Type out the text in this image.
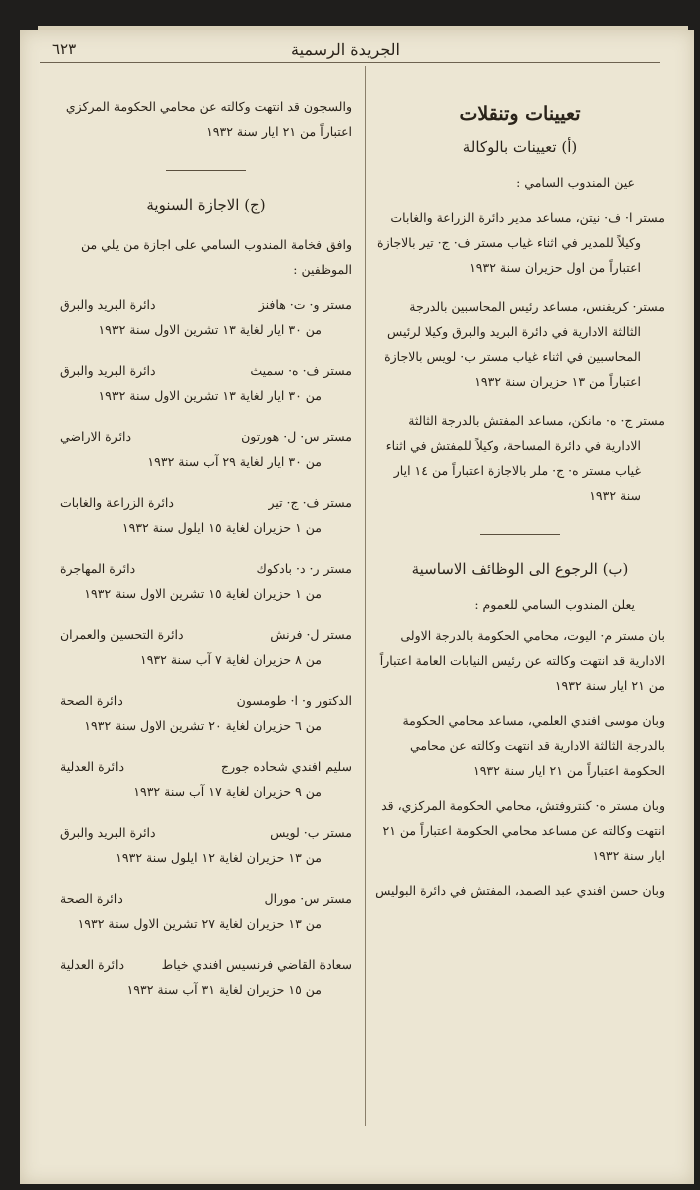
الجريدة الرسمية
٦٢٣
تعيينات وتنقلات
(أ) تعيينات بالوكالة
عين المندوب السامي :
مستر ا· ف· نيتن، مساعد مدير دائرة الزراعة والغابات
وكيلاً للمدير في اثناء غياب مستر ف· ج· تير بالاجازة اعتباراً من اول حزيران سنة ١٩٣٢
مستر· كريفنس، مساعد رئيس المحاسبين بالدرجة
الثالثة الادارية في دائرة البريد والبرق وكيلا لرئيس المحاسبين في اثناء غياب مستر ب· لويس بالاجازة اعتباراً من ١٣ حزيران سنة ١٩٣٢
مستر ج· ه· مانكن، مساعد المفتش بالدرجة الثالثة
الادارية في دائرة المساحة، وكيلاً للمفتش في اثناء غياب مستر ه· ج· ملر بالاجازة اعتباراً من ١٤ ايار سنة ١٩٣٢
(ب) الرجوع الى الوظائف الاساسية
يعلن المندوب السامي للعموم :
بان مستر م· اليوت، محامي الحكومة بالدرجة الاولى الادارية قد انتهت وكالته عن رئيس النيابات العامة اعتباراً من ٢١ ايار سنة ١٩٣٢
وبان موسى افندي العلمي، مساعد محامي الحكومة بالدرجة الثالثة الادارية قد انتهت وكالته عن محامي الحكومة اعتباراً من ٢١ ايار سنة ١٩٣٢
وبان مستر ه· كنتروفتش، محامي الحكومة المركزي، قد انتهت وكالته عن مساعد محامي الحكومة اعتباراً من ٢١ ايار سنة ١٩٣٢
وبان حسن افندي عبد الصمد، المفتش في دائرة البوليس
والسجون قد انتهت وكالته عن محامي الحكومة المركزي اعتباراً من ٢١ ايار سنة ١٩٣٢
(ج) الاجازة السنوية
وافق فخامة المندوب السامي على اجازة من يلي من الموظفين :
مستر و· ت· هافنز
دائرة البريد والبرق
من ٣٠ ايار لغاية ١٣ تشرين الاول سنة ١٩٣٢
مستر ف· ه· سميث
دائرة البريد والبرق
من ٣٠ ايار لغاية ١٣ تشرين الاول سنة ١٩٣٢
مستر س· ل· هورتون
دائرة الاراضي
من ٣٠ ايار لغاية ٢٩ آب سنة ١٩٣٢
مستر ف· ج· تير
دائرة الزراعة والغابات
من ١ حزيران لغاية ١٥ ايلول سنة ١٩٣٢
مستر ر· د· بادكوك
دائرة المهاجرة
من ١ حزيران لغاية ١٥ تشرين الاول سنة ١٩٣٢
مستر ل· فرنش
دائرة التحسين والعمران
من ٨ حزيران لغاية ٧ آب سنة ١٩٣٢
الدكتور و· ا· طومسون
دائرة الصحة
من ٦ حزيران لغاية ٢٠ تشرين الاول سنة ١٩٣٢
سليم افندي شحاده جورج
دائرة العدلية
من ٩ حزيران لغاية ١٧ آب سنة ١٩٣٢
مستر ب· لويس
دائرة البريد والبرق
من ١٣ حزيران لغاية ١٢ ايلول سنة ١٩٣٢
مستر س· مورال
دائرة الصحة
من ١٣ حزيران لغاية ٢٧ تشرين الاول سنة ١٩٣٢
سعادة القاضي فرنسيس افندي خياط
دائرة العدلية
من ١٥ حزيران لغاية ٣١ آب سنة ١٩٣٢
